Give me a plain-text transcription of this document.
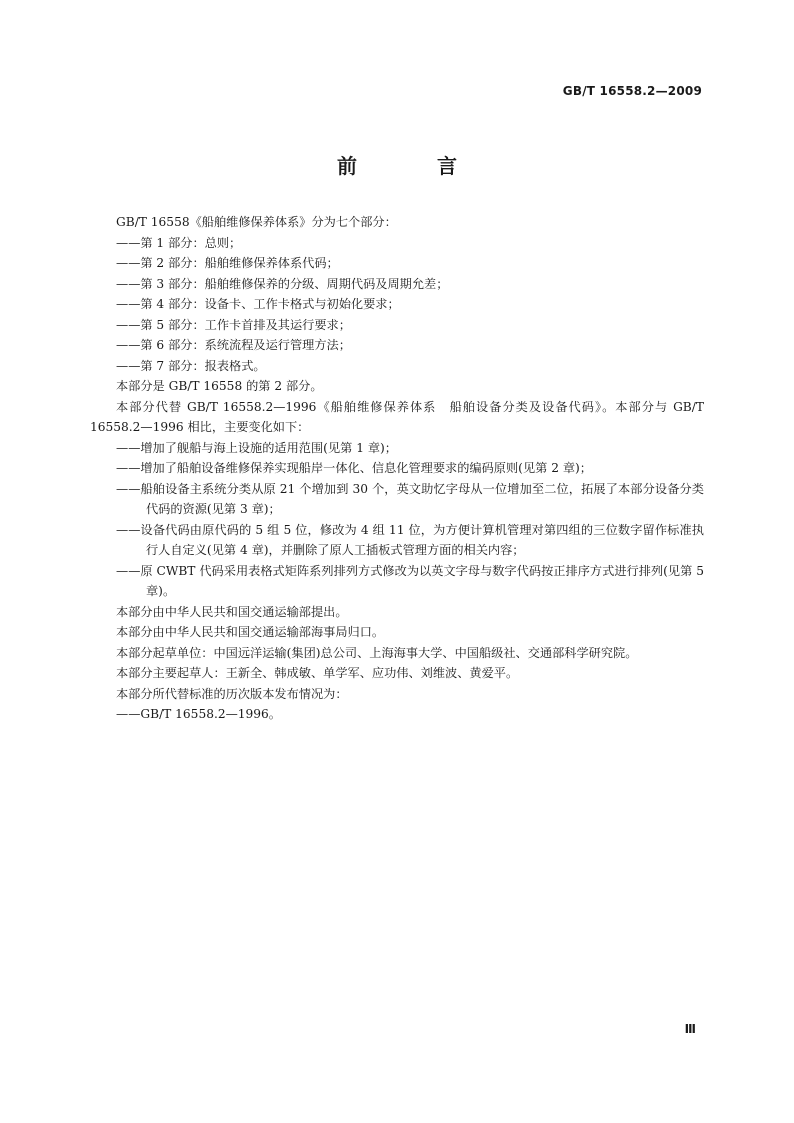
GB/T 16558.2—2009
前　言

GB/T 16558《船舶维修保养体系》分为七个部分：

——第 1 部分：总则；

——第 2 部分：船舶维修保养体系代码；

——第 3 部分：船舶维修保养的分级、周期代码及周期允差；

——第 4 部分：设备卡、工作卡格式与初始化要求；

——第 5 部分：工作卡首排及其运行要求；

——第 6 部分：系统流程及运行管理方法；

——第 7 部分：报表格式。

本部分是 GB/T 16558 的第 2 部分。

本部分代替 GB/T 16558.2—1996《船舶维修保养体系　船舶设备分类及设备代码》。本部分与 GB/T 16558.2—1996 相比，主要变化如下：

——增加了舰船与海上设施的适用范围(见第 1 章)；

——增加了船舶设备维修保养实现船岸一体化、信息化管理要求的编码原则(见第 2 章)；

——船舶设备主系统分类从原 21 个增加到 30 个，英文助忆字母从一位增加至二位，拓展了本部分设备分类代码的资源(见第 3 章)；

——设备代码由原代码的 5 组 5 位，修改为 4 组 11 位，为方便计算机管理对第四组的三位数字留作标准执行人自定义(见第 4 章)，并删除了原人工插板式管理方面的相关内容；

——原 CWBT 代码采用表格式矩阵系列排列方式修改为以英文字母与数字代码按正排序方式进行排列(见第 5 章)。

本部分由中华人民共和国交通运输部提出。

本部分由中华人民共和国交通运输部海事局归口。

本部分起草单位：中国远洋运输(集团)总公司、上海海事大学、中国船级社、交通部科学研究院。

本部分主要起草人：王新全、韩成敏、单学军、应功伟、刘维波、黄爱平。

本部分所代替标准的历次版本发布情况为：

——GB/T 16558.2—1996。

Ⅲ
